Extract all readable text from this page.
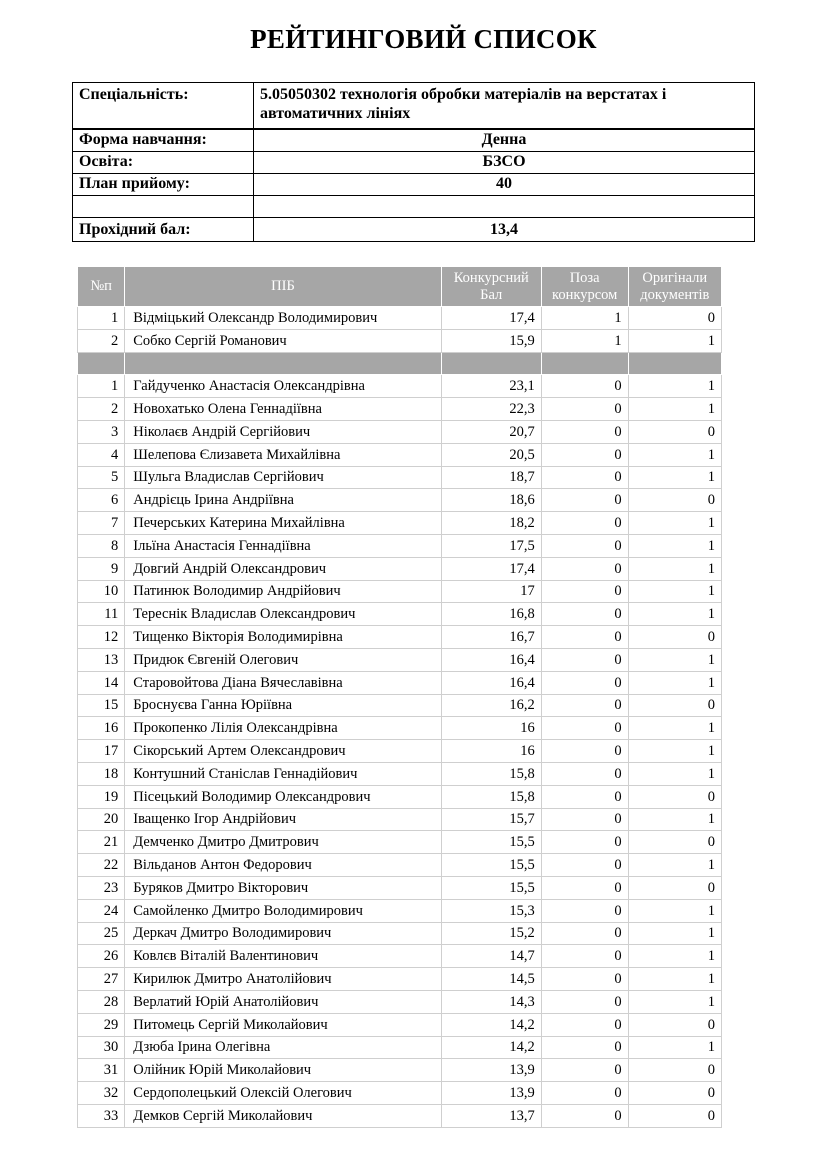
РЕЙТИНГОВИЙ СПИСОК
Спеціальність:	5.05050302 технологія обробки матеріалів на верстатах і автоматичних лініях
Форма навчання:	Денна
Освіта:	БЗСО
План прийому:	40

Прохідний бал:	13,4
№п	ПІБ	Конкурсний Бал	Поза конкурсом	Оригінали документів
1	Відміцький Олександр Володимирович	17,4	1	0
2	Собко Сергій Романович	15,9	1	1

1	Гайдученко Анастасія Олександрівна	23,1	0	1
2	Новохатько Олена Геннадіївна	22,3	0	1
3	Ніколаєв Андрій Сергійович	20,7	0	0
4	Шелепова Єлизавета Михайлівна	20,5	0	1
5	Шульга Владислав Сергійович	18,7	0	1
6	Андрієць Ірина Андріївна	18,6	0	0
7	Печерських Катерина Михайлівна	18,2	0	1
8	Ільїна Анастасія Геннадіївна	17,5	0	1
9	Довгий Андрій Олександрович	17,4	0	1
10	Патинюк Володимир Андрійович	17	0	1
11	Тереснік Владислав Олександрович	16,8	0	1
12	Тищенко Вікторія Володимирівна	16,7	0	0
13	Придюк Євгеній Олегович	16,4	0	1
14	Старовойтова Діана Вячеславівна	16,4	0	1
15	Броснуєва Ганна Юріївна	16,2	0	0
16	Прокопенко Лілія Олександрівна	16	0	1
17	Сікорський Артем Олександрович	16	0	1
18	Контушний Станіслав Геннадійович	15,8	0	1
19	Пісецький Володимир Олександрович	15,8	0	0
20	Іващенко Ігор Андрійович	15,7	0	1
21	Демченко Дмитро Дмитрович	15,5	0	0
22	Вільданов Антон Федорович	15,5	0	1
23	Буряков Дмитро Вікторович	15,5	0	0
24	Самойленко Дмитро Володимирович	15,3	0	1
25	Деркач Дмитро Володимирович	15,2	0	1
26	Ковлєв Віталій Валентинович	14,7	0	1
27	Кирилюк Дмитро Анатолійович	14,5	0	1
28	Верлатий Юрій Анатолійович	14,3	0	1
29	Питомець Сергій Миколайович	14,2	0	0
30	Дзюба Ірина Олегівна	14,2	0	1
31	Олійник Юрій Миколайович	13,9	0	0
32	Сердополецький Олексій Олегович	13,9	0	0
33	Демков Сергій Миколайович	13,7	0	0
